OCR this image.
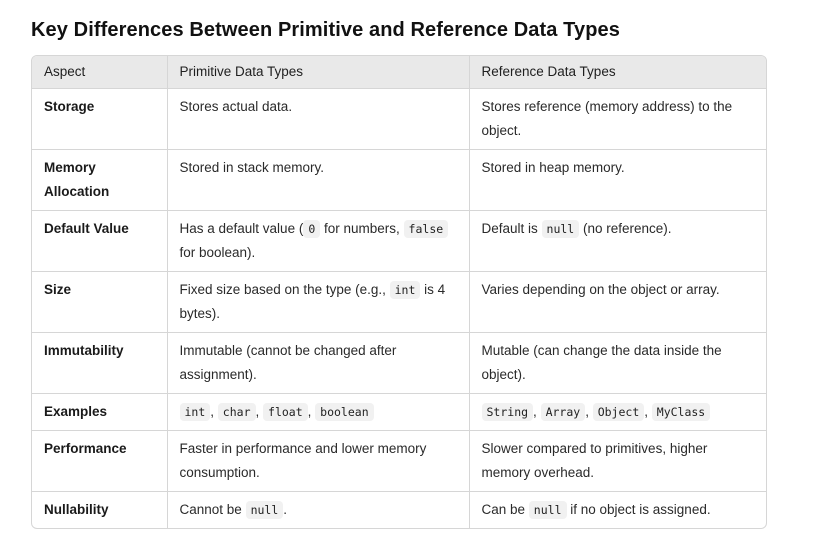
Key Differences Between Primitive and Reference Data Types
Aspect	Primitive Data Types	Reference Data Types
Storage	Stores actual data.	Stores reference (memory address) to the object.
Memory Allocation	Stored in stack memory.	Stored in heap memory.
Default Value	Has a default value ( 0 for numbers, false for boolean).	Default is null (no reference).
Size	Fixed size based on the type (e.g., int is 4 bytes).	Varies depending on the object or array.
Immutability	Immutable (cannot be changed after assignment).	Mutable (can change the data inside the object).
Examples	int , char , float , boolean	String , Array , Object , MyClass
Performance	Faster in performance and lower memory consumption.	Slower compared to primitives, higher memory overhead.
Nullability	Cannot be null .	Can be null if no object is assigned.
